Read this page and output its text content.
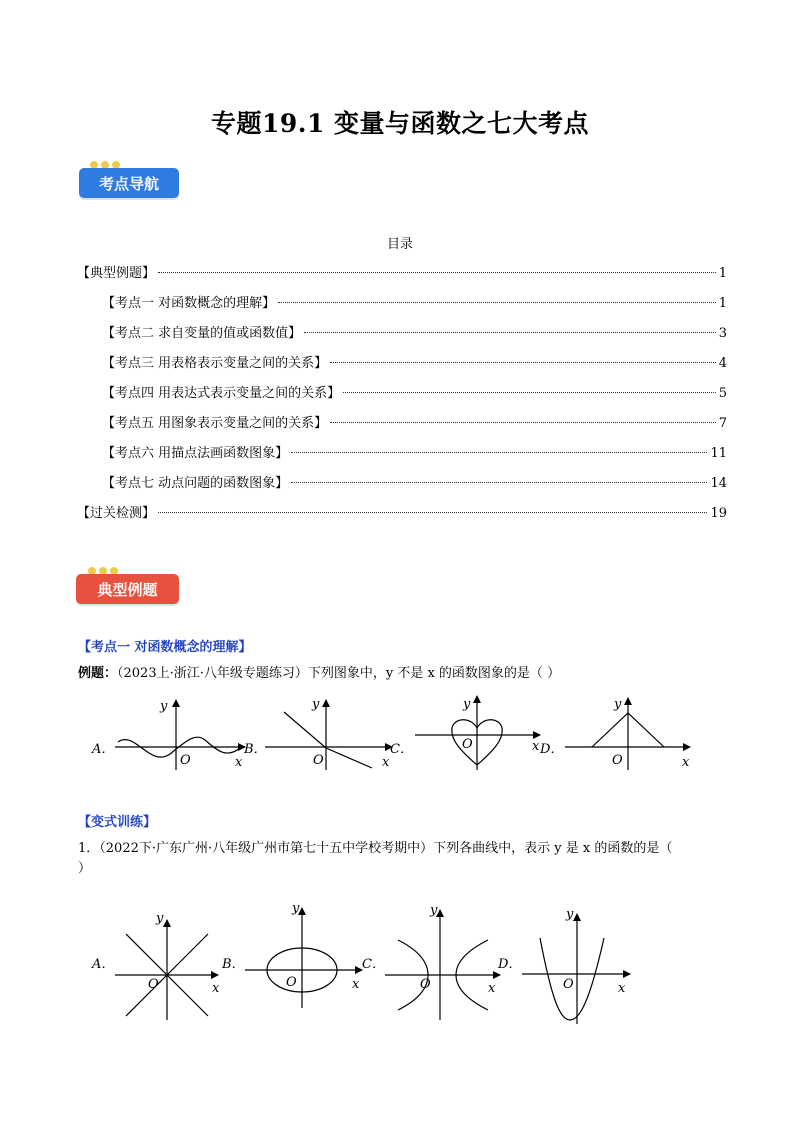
专题19.1 变量与函数之七大考点
考点导航
目录
【典型例题】	1
【考点一 对函数概念的理解】	1
【考点二 求自变量的值或函数值】	3
【考点三 用表格表示变量之间的关系】	4
【考点四 用表达式表示变量之间的关系】	5
【考点五 用图象表示变量之间的关系】	7
【考点六 用描点法画函数图象】	11
【考点七 动点问题的函数图象】	14
【过关检测】	19
典型例题
【考点一 对函数概念的理解】
例题：（2023上·浙江·八年级专题练习）下列图象中，y 不是 x 的函数图象的是（ ）
A．
y
O	x
B．
y
O	x
C．
y
O	x D．
y
O	x
【变式训练】
1．（2022下·广东广州·八年级广州市第七十五中学校考期中）下列各曲线中，表示 y 是 x 的函数的是（
）
A．
y
O	x
B．
y
O	x
C．
y
O	x
D．
y
O	x
